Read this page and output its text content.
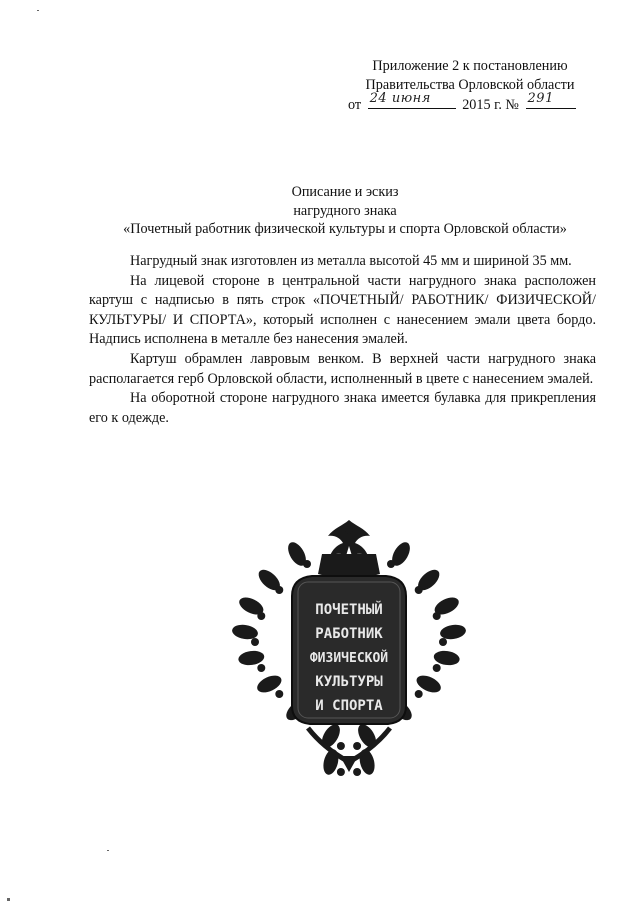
Приложение 2 к постановлению
Правительства Орловской области
от 24 июня 2015 г. № 291
Описание и эскиз
нагрудного знака
«Почетный работник физической культуры и спорта Орловской области»

Нагрудный знак изготовлен из металла высотой 45 мм и шириной 35 мм.

На лицевой стороне в центральной части нагрудного знака расположен картуш с надписью в пять строк «ПОЧЕТНЫЙ/ РАБОТНИК/ ФИЗИЧЕСКОЙ/ КУЛЬТУРЫ/ И СПОРТА», который исполнен с нанесением эмали цвета бордо. Надпись исполнена в металле без нанесения эмалей.

Картуш обрамлен лавровым венком. В верхней части нагрудного знака располагается герб Орловской области, исполненный в цвете с нанесением эмалей.

На оборотной стороне нагрудного знака имеется булавка для прикрепления его к одежде.

ПОЧЕТНЫЙ
РАБОТНИК
ФИЗИЧЕСКОЙ
КУЛЬТУРЫ
И СПОРТА
